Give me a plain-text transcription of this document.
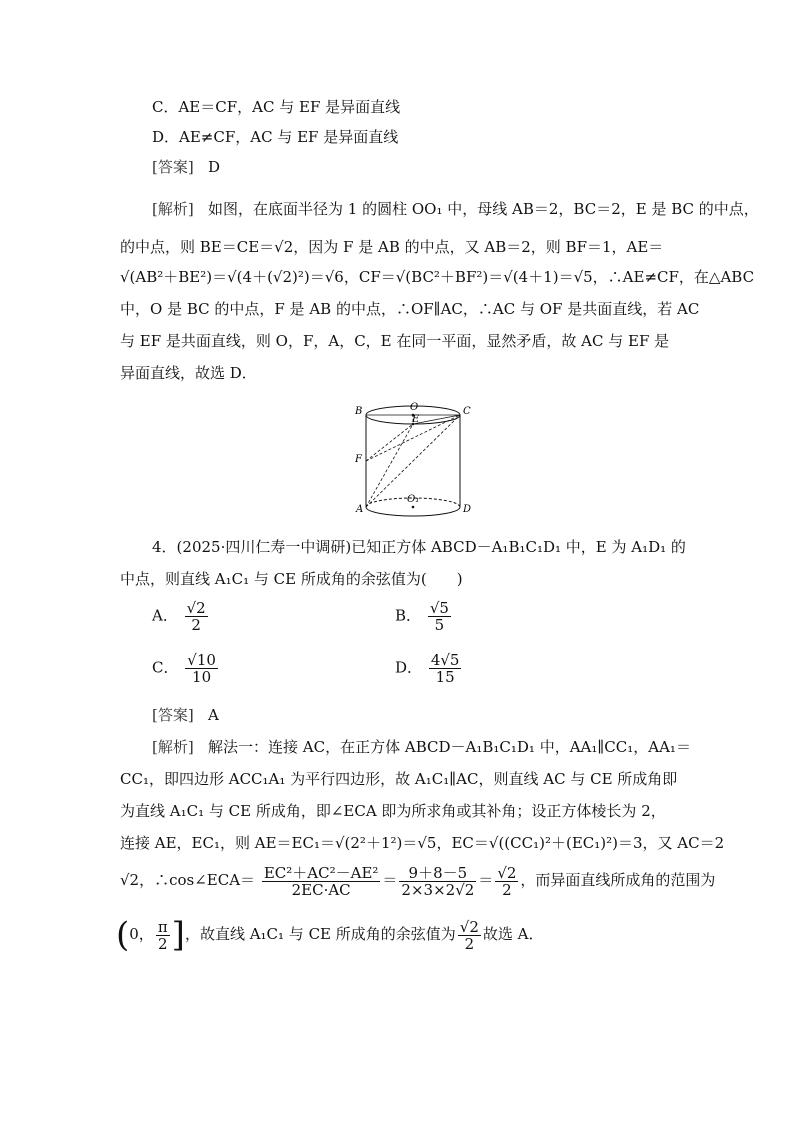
C．AE＝CF，AC 与 EF 是异面直线
D．AE≠CF，AC 与 EF 是异面直线
[答案] D
[解析] 如图，在底面半径为 1 的圆柱 OO₁ 中，母线 AB＝2，BC＝2，E 是 BC 的中点，
的中点，则 BE＝CE＝√2，因为 F 是 AB 的中点，又 AB＝2，则 BF＝1，AE＝
√(AB²＋BE²)＝√(4＋(√2)²)＝√6，CF＝√(BC²＋BF²)＝√(4＋1)＝√5，∴AE≠CF，在△ABC
中，O 是 BC 的中点，F 是 AB 的中点，∴OF∥AC，∴AC 与 OF 是共面直线，若 AC
与 EF 是共面直线，则 O，F，A，C，E 在同一平面，显然矛盾，故 AC 与 EF 是
异面直线，故选 D．
B	O	C
E
F
O₁
A	D
4．(2025·四川仁寿一中调研)已知正方体 ABCD－A₁B₁C₁D₁ 中，E 为 A₁D₁ 的
中点，则直线 A₁C₁ 与 CE 所成角的余弦值为(　　)
A． $\frac{√2}{2}$	B． $\frac{√5}{5}$
C． $\frac{√10}{10}$	D． $\frac{4√5}{15}$
[答案] A
[解析] 解法一：连接 AC，在正方体 ABCD－A₁B₁C₁D₁ 中，AA₁∥CC₁，AA₁＝
CC₁，即四边形 ACC₁A₁ 为平行四边形，故 A₁C₁∥AC，则直线 AC 与 CE 所成角即
为直线 A₁C₁ 与 CE 所成角，即∠ECA 即为所求角或其补角；设正方体棱长为 2，
连接 AE，EC₁，则 AE＝EC₁＝√(2²＋1²)＝√5，EC＝√((CC₁)²＋(EC₁)²)＝3，又 AC＝2
√2，∴cos∠ECA＝ $\frac{\text{EC²＋AC²－AE²}}{2EC\cdot AC} = \frac{9+8-5}{2\times 3\times 2√2} = \frac{√2}{2}$ ，而异面直线所成角的范围为
(0， $\frac{\pi}{2}$ ]，故直线 A₁C₁ 与 CE 所成角的余弦值为 $\frac{√2}{2}$ 故选 A．
